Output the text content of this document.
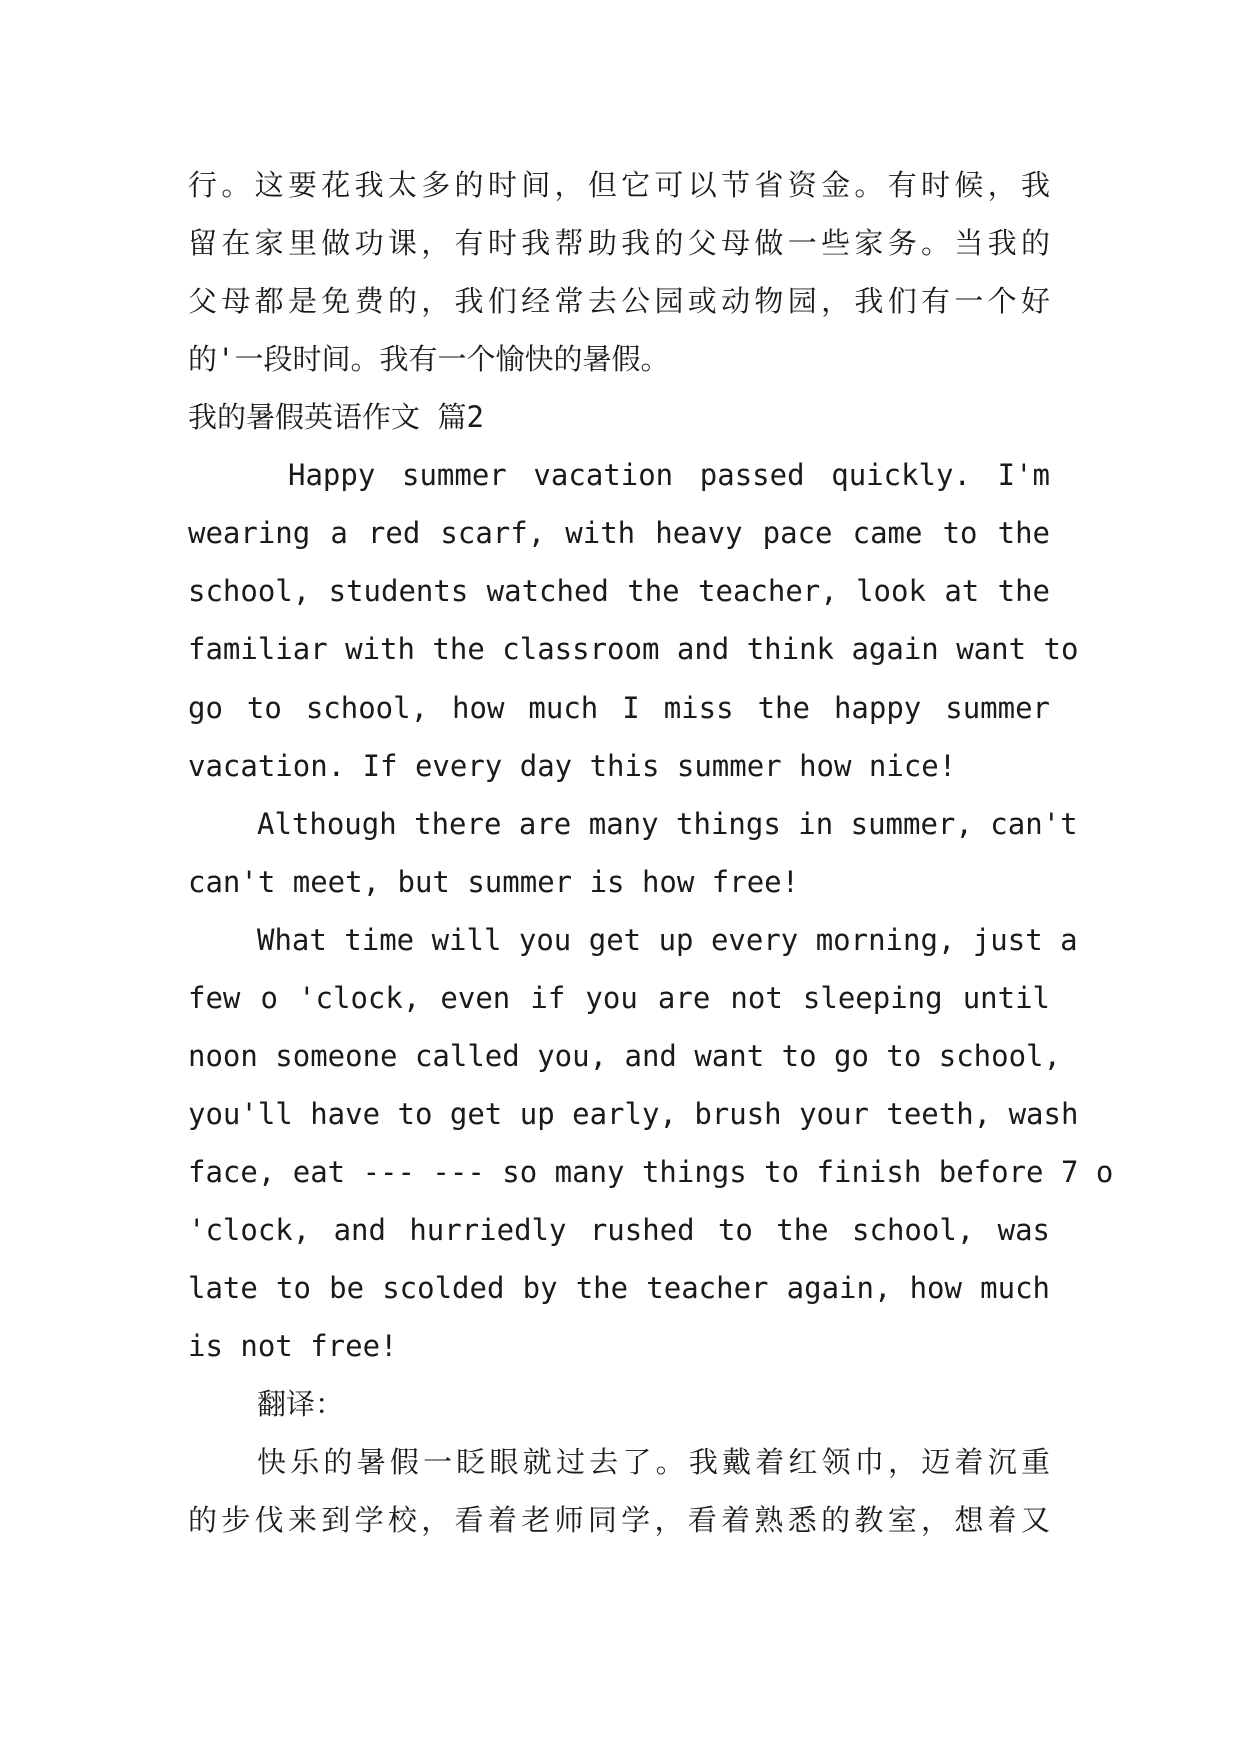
行。这要花我太多的时间，但它可以节省资金。有时候，我

留在家里做功课，有时我帮助我的父母做一些家务。当我的

父母都是免费的，我们经常去公园或动物园，我们有一个好

的'一段时间。我有一个愉快的暑假。

我的暑假英语作文 篇2

Happy summer vacation passed quickly. I'm

wearing a red scarf, with heavy pace came to the

school, students watched the teacher, look at the

familiar with the classroom and think again want to

go to school, how much I miss the happy summer

vacation. If every day this summer how nice!

Although there are many things in summer, can't

can't meet, but summer is how free!

What time will you get up every morning, just a

few o 'clock, even if you are not sleeping until

noon someone called you, and want to go to school,

you'll have to get up early, brush your teeth, wash

face, eat --- --- so many things to finish before 7 o

'clock, and hurriedly rushed to the school, was

late to be scolded by the teacher again, how much

is not free!

翻译：

快乐的暑假一眨眼就过去了。我戴着红领巾，迈着沉重

的步伐来到学校，看着老师同学，看着熟悉的教室，想着又
